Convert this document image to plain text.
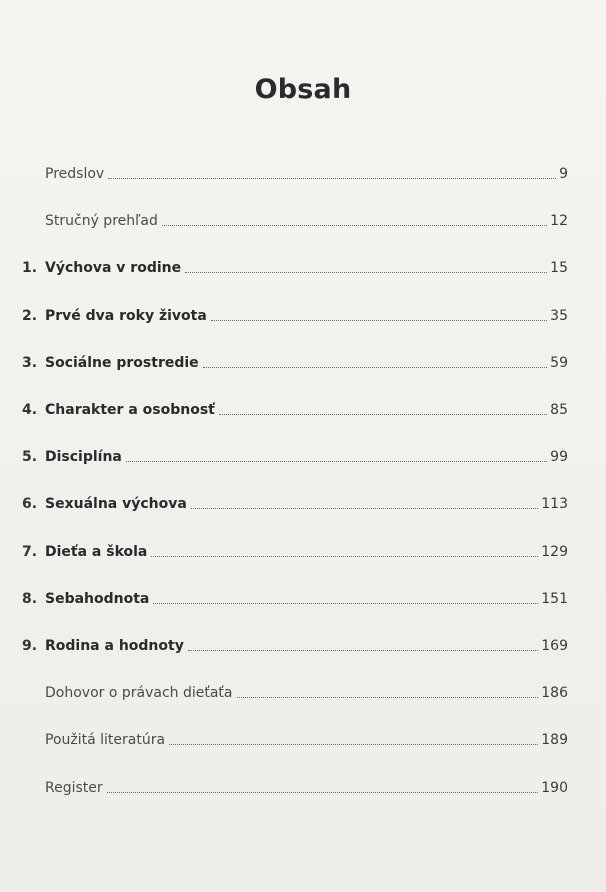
Obsah
Predslov	9
Stručný prehľad	12
1. Výchova v rodine	15
2. Prvé dva roky života	35
3. Sociálne prostredie	59
4. Charakter a osobnosť	85
5. Disciplína	99
6. Sexuálna výchova	113
7. Dieťa a škola	129
8. Sebahodnota	151
9. Rodina a hodnoty	169
Dohovor o právach dieťaťa	186
Použitá literatúra	189
Register	190
